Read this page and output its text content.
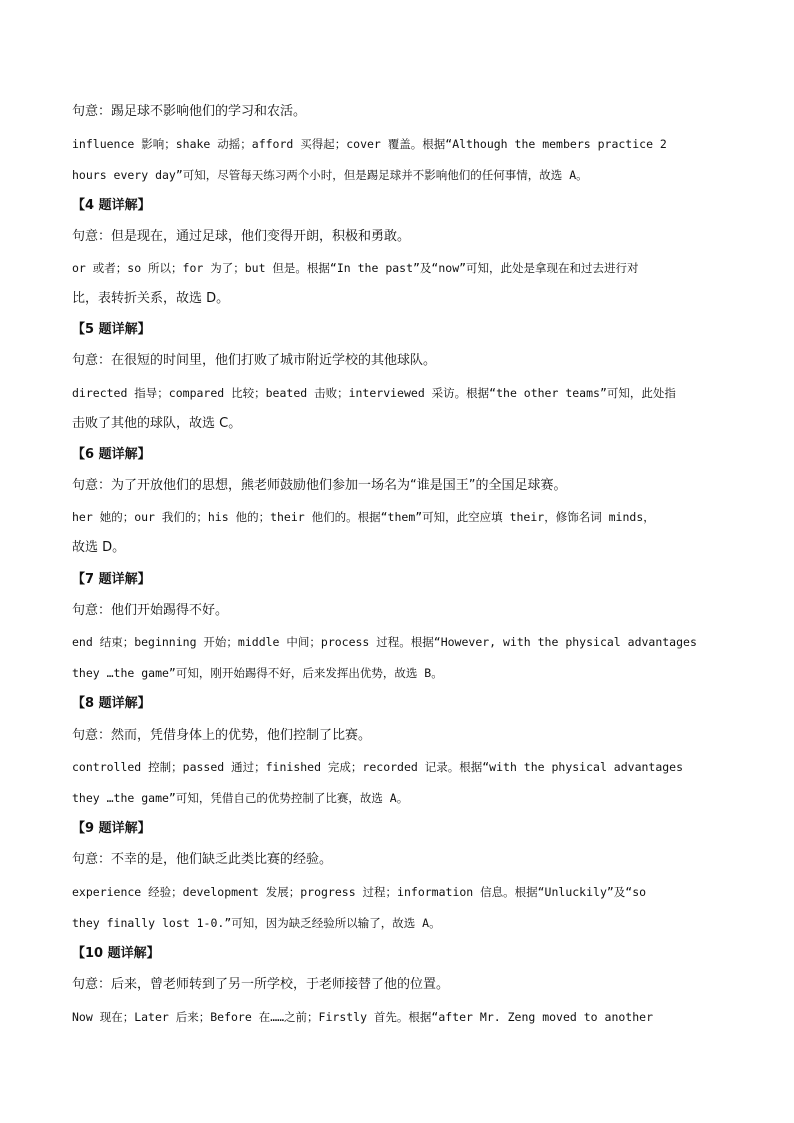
句意：踢足球不影响他们的学习和农活。
influence 影响；shake 动摇；afford 买得起；cover 覆盖。根据“Although the members practice 2
hours every day”可知，尽管每天练习两个小时，但是踢足球并不影响他们的任何事情，故选 A。
【4 题详解】
句意：但是现在，通过足球，他们变得开朗，积极和勇敢。
or 或者；so 所以；for 为了；but 但是。根据“In the past”及“now”可知，此处是拿现在和过去进行对
比，表转折关系，故选 D。
【5 题详解】
句意：在很短的时间里，他们打败了城市附近学校的其他球队。
directed 指导；compared 比较；beated 击败；interviewed 采访。根据“the other teams”可知，此处指
击败了其他的球队，故选 C。
【6 题详解】
句意：为了开放他们的思想，熊老师鼓励他们参加一场名为“谁是国王”的全国足球赛。
her 她的；our 我们的；his 他的；their 他们的。根据“them”可知，此空应填 their，修饰名词 minds，
故选 D。
【7 题详解】
句意：他们开始踢得不好。
end 结束；beginning 开始；middle 中间；process 过程。根据“However, with the physical advantages
they …the game”可知，刚开始踢得不好，后来发挥出优势，故选 B。
【8 题详解】
句意：然而，凭借身体上的优势，他们控制了比赛。
controlled 控制；passed 通过；finished 完成；recorded 记录。根据“with the physical advantages
they …the game”可知，凭借自己的优势控制了比赛，故选 A。
【9 题详解】
句意：不幸的是，他们缺乏此类比赛的经验。
experience 经验；development 发展；progress 过程；information 信息。根据“Unluckily”及“so
they finally lost 1-0.”可知，因为缺乏经验所以输了，故选 A。
【10 题详解】
句意：后来，曾老师转到了另一所学校，于老师接替了他的位置。
Now 现在；Later 后来；Before 在……之前；Firstly 首先。根据“after Mr. Zeng moved to another
